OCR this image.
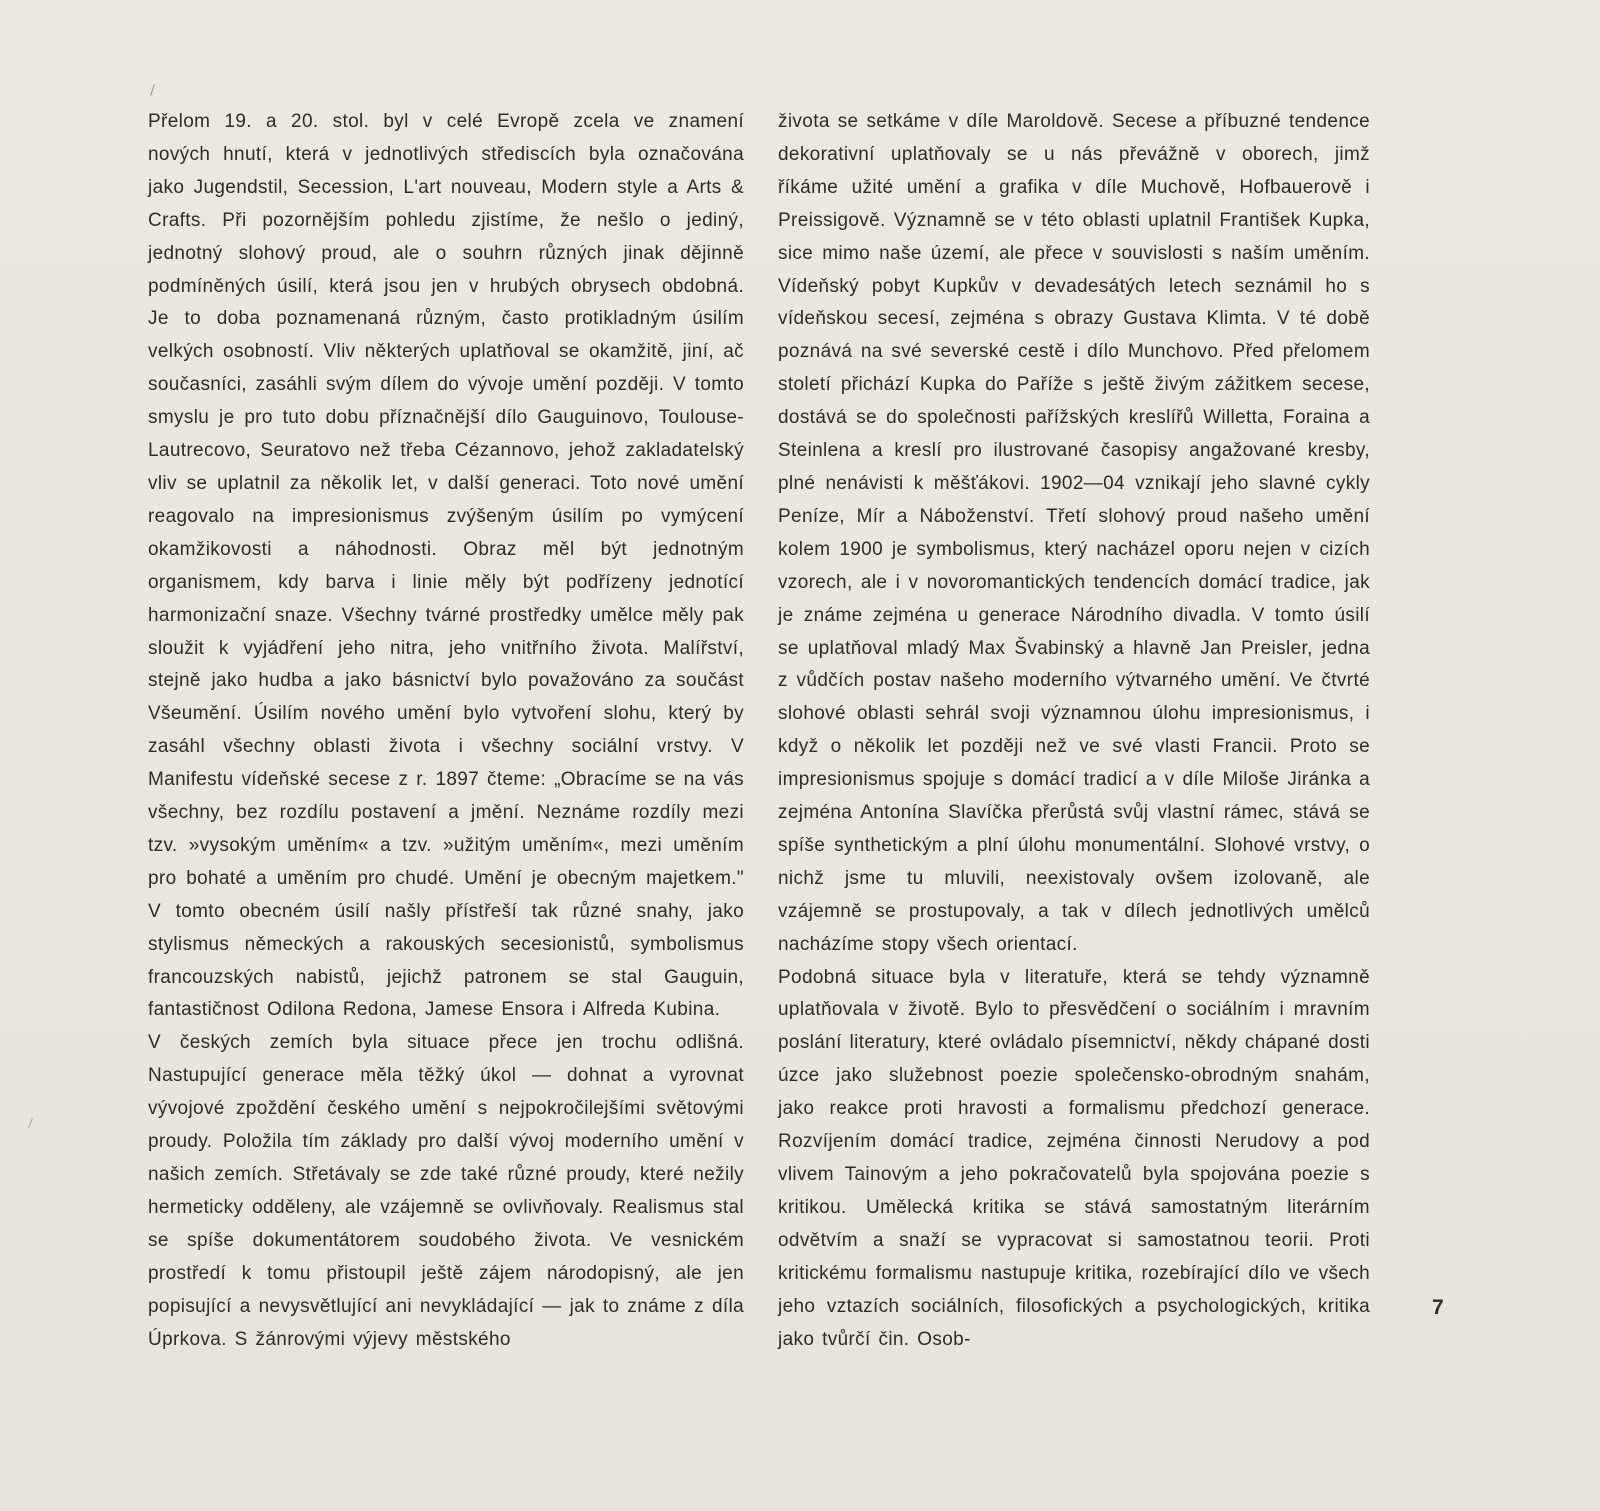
Přelom 19. a 20. stol. byl v celé Evropě zcela ve znamení nových hnutí, která v jednotlivých střediscích byla označována jako Jugendstil, Secession, L'art nouveau, Modern style a Arts & Crafts. Při pozornějším pohledu zjistíme, že nešlo o jediný, jednotný slohový proud, ale o souhrn různých jinak dějinně podmíněných úsilí, která jsou jen v hrubých obrysech obdobná. Je to doba poznamenaná různým, často protikladným úsilím velkých osobností. Vliv některých uplatňoval se okamžitě, jiní, ač současníci, zasáhli svým dílem do vývoje umění později. V tomto smyslu je pro tuto dobu příznačnější dílo Gauguinovo, Toulouse-Lautrecovo, Seuratovo než třeba Cézannovo, jehož zakladatelský vliv se uplatnil za několik let, v další generaci. Toto nové umění reagovalo na impresionismus zvýšeným úsilím po vymýcení okamžikovosti a náhodnosti. Obraz měl být jednotným organismem, kdy barva i linie měly být podřízeny jednotící harmonizační snaze. Všechny tvárné prostředky umělce měly pak sloužit k vyjádření jeho nitra, jeho vnitřního života. Malířství, stejně jako hudba a jako básnictví bylo považováno za součást Všeumění. Úsilím nového umění bylo vytvoření slohu, který by zasáhl všechny oblasti života i všechny sociální vrstvy. V Manifestu vídeňské secese z r. 1897 čteme: „Obracíme se na vás všechny, bez rozdílu postavení a jmění. Neznáme rozdíly mezi tzv. »vysokým uměním« a tzv. »užitým uměním«, mezi uměním pro bohaté a uměním pro chudé. Umění je obecným majetkem." V tomto obecném úsilí našly přístřeší tak různé snahy, jako stylismus německých a rakouských secesionistů, symbolismus francouzských nabistů, jejichž patronem se stal Gauguin, fantastičnost Odilona Redona, Jamese Ensora i Alfreda Kubina.

V českých zemích byla situace přece jen trochu odlišná. Nastupující generace měla těžký úkol — dohnat a vyrovnat vývojové zpoždění českého umění s nejpokročilejšími světovými proudy. Položila tím základy pro další vývoj moderního umění v našich zemích. Střetávaly se zde také různé proudy, které nežily hermeticky odděleny, ale vzájemně se ovlivňovaly. Realismus stal se spíše dokumentátorem soudobého života. Ve vesnickém prostředí k tomu přistoupil ještě zájem národopisný, ale jen popisující a nevysvětlující ani nevykládající — jak to známe z díla Úprkova. S žánrovými výjevy městského

života se setkáme v díle Maroldově. Secese a příbuzné tendence dekorativní uplatňovaly se u nás převážně v oborech, jimž říkáme užité umění a grafika v díle Muchově, Hofbauerově i Preissigově. Významně se v této oblasti uplatnil František Kupka, sice mimo naše území, ale přece v souvislosti s naším uměním. Vídeňský pobyt Kupkův v devadesátých letech seznámil ho s vídeňskou secesí, zejména s obrazy Gustava Klimta. V té době poznává na své severské cestě i dílo Munchovo. Před přelomem století přichází Kupka do Paříže s ještě živým zážitkem secese, dostává se do společnosti pařížských kreslířů Willetta, Foraina a Steinlena a kreslí pro ilustrované časopisy angažované kresby, plné nenávisti k měšťákovi. 1902—04 vznikají jeho slavné cykly Peníze, Mír a Náboženství. Třetí slohový proud našeho umění kolem 1900 je symbolismus, který nacházel oporu nejen v cizích vzorech, ale i v novoromantických tendencích domácí tradice, jak je známe zejména u generace Národního divadla. V tomto úsilí se uplatňoval mladý Max Švabinský a hlavně Jan Preisler, jedna z vůdčích postav našeho moderního výtvarného umění. Ve čtvrté slohové oblasti sehrál svoji významnou úlohu impresionismus, i když o několik let později než ve své vlasti Francii. Proto se impresionismus spojuje s domácí tradicí a v díle Miloše Jiránka a zejména Antonína Slavíčka přerůstá svůj vlastní rámec, stává se spíše synthetickým a plní úlohu monumentální. Slohové vrstvy, o nichž jsme tu mluvili, neexistovaly ovšem izolovaně, ale vzájemně se prostupovaly, a tak v dílech jednotlivých umělců nacházíme stopy všech orientací.

Podobná situace byla v literatuře, která se tehdy významně uplatňovala v životě. Bylo to přesvědčení o sociálním i mravním poslání literatury, které ovládalo písemnictví, někdy chápané dosti úzce jako služebnost poezie společensko-obrodným snahám, jako reakce proti hravosti a formalismu předchozí generace. Rozvíjením domácí tradice, zejména činnosti Nerudovy a pod vlivem Tainovým a jeho pokračovatelů byla spojována poezie s kritikou. Umělecká kritika se stává samostatným literárním odvětvím a snaží se vypracovat si samostatnou teorii. Proti kritickému formalismu nastupuje kritika, rozebírající dílo ve všech jeho vztazích sociálních, filosofických a psychologických, kritika jako tvůrčí čin. Osob-

7
